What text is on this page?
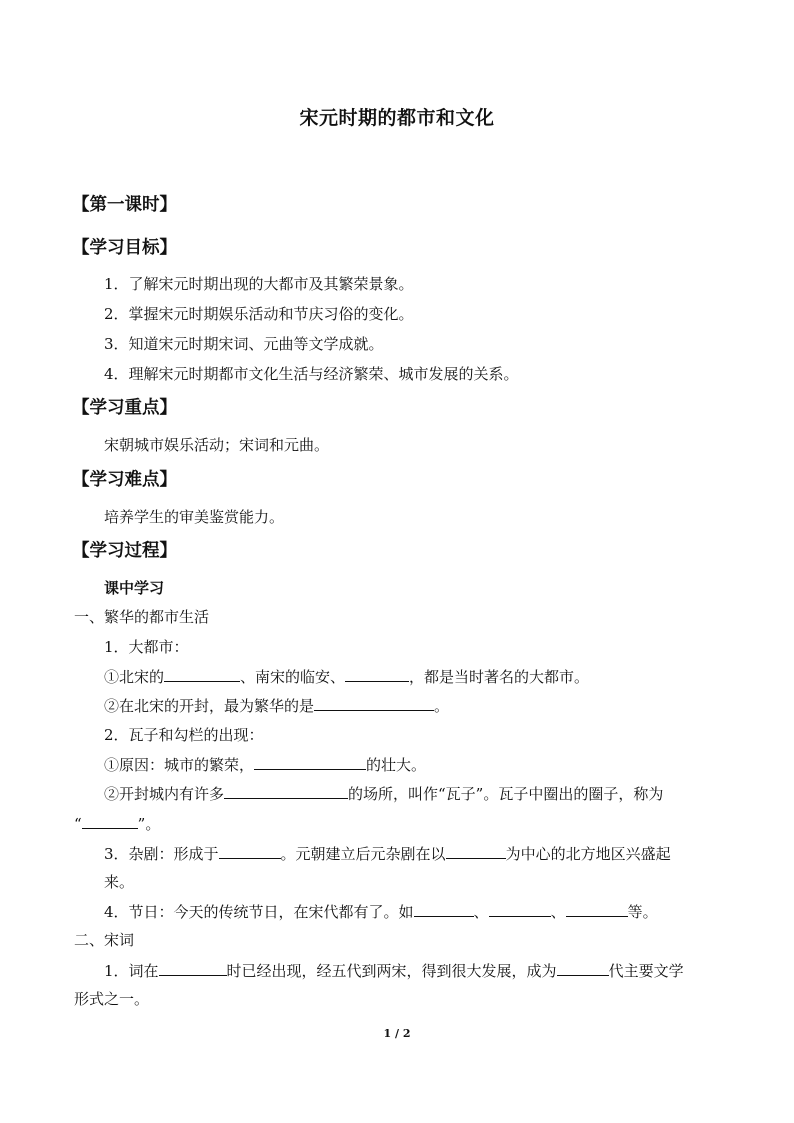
宋元时期的都市和文化
【第一课时】
【学习目标】
1．了解宋元时期出现的大都市及其繁荣景象。
2．掌握宋元时期娱乐活动和节庆习俗的变化。
3．知道宋元时期宋词、元曲等文学成就。
4．理解宋元时期都市文化生活与经济繁荣、城市发展的关系。
【学习重点】
宋朝城市娱乐活动；宋词和元曲。
【学习难点】
培养学生的审美鉴赏能力。
【学习过程】
课中学习
一、繁华的都市生活
1．大都市：
①北宋的	、南宋的临安、	，都是当时著名的大都市。
②在北宋的开封，最为繁华的是	。
2．瓦子和勾栏的出现：
①原因：城市的繁荣，	的壮大。
②开封城内有许多	的场所，叫作“瓦子”。瓦子中圈出的圈子，称为
“	”。
3．杂剧：形成于	。元朝建立后元杂剧在以	为中心的北方地区兴盛起
来。
4．节日：今天的传统节日，在宋代都有了。如	、	、	等。
二、宋词
1．词在	时已经出现，经五代到两宋，得到很大发展，成为	代主要文学
形式之一。
1 / 2
